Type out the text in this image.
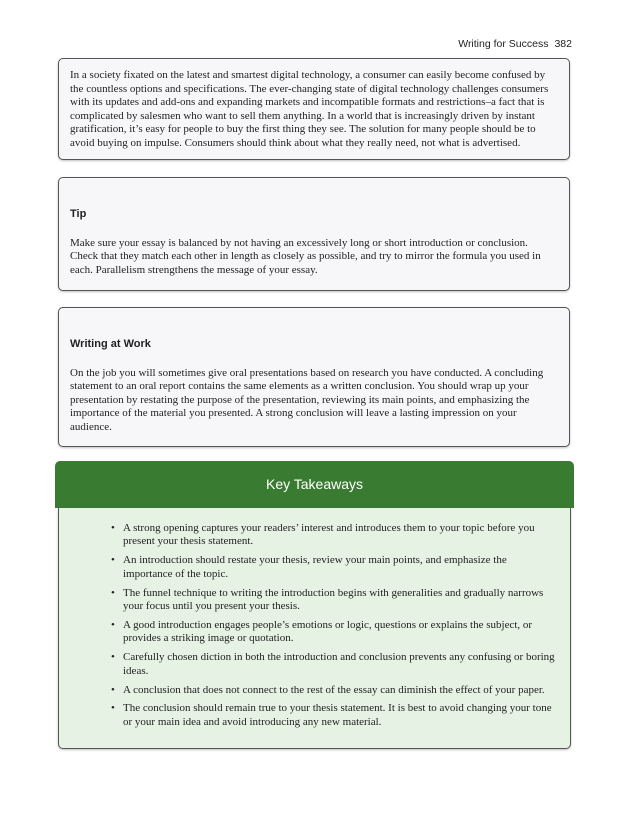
Writing for Success 382

In a society fixated on the latest and smartest digital technology, a consumer can easily become confused by the countless options and specifications. The ever-changing state of digital technology challenges consumers with its updates and add-ons and expanding markets and incompatible formats and restrictions–a fact that is complicated by salesmen who want to sell them anything. In a world that is increasingly driven by instant gratification, it’s easy for people to buy the first thing they see. The solution for many people should be to avoid buying on impulse. Consumers should think about what they really need, not what is advertised.

Tip

Make sure your essay is balanced by not having an excessively long or short introduction or conclusion. Check that they match each other in length as closely as possible, and try to mirror the formula you used in each. Parallelism strengthens the message of your essay.

Writing at Work

On the job you will sometimes give oral presentations based on research you have conducted. A concluding statement to an oral report contains the same elements as a written conclusion. You should wrap up your presentation by restating the purpose of the presentation, reviewing its main points, and emphasizing the importance of the material you presented. A strong conclusion will leave a lasting impression on your audience.

Key Takeaways
• A strong opening captures your readers’ interest and introduces them to your topic before you present your thesis statement.
• An introduction should restate your thesis, review your main points, and emphasize the importance of the topic.
• The funnel technique to writing the introduction begins with generalities and gradually narrows your focus until you present your thesis.
• A good introduction engages people’s emotions or logic, questions or explains the subject, or provides a striking image or quotation.
• Carefully chosen diction in both the introduction and conclusion prevents any confusing or boring ideas.
• A conclusion that does not connect to the rest of the essay can diminish the effect of your paper.
• The conclusion should remain true to your thesis statement. It is best to avoid changing your tone or your main idea and avoid introducing any new material.
